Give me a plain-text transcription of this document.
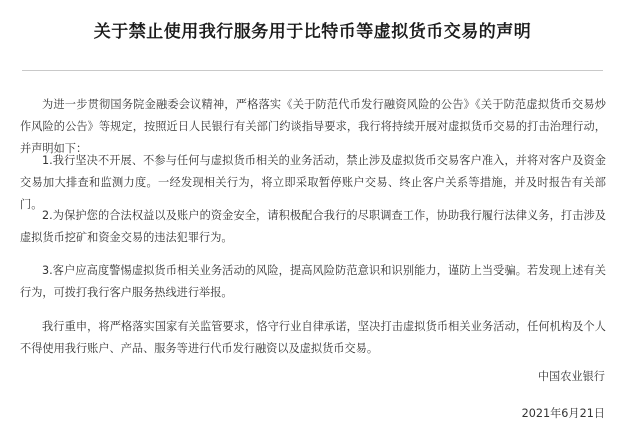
关于禁止使用我行服务用于比特币等虚拟货币交易的声明

为进一步贯彻国务院金融委会议精神，严格落实《关于防范代币发行融资风险的公告》《关于防范虚拟货币交易炒作风险的公告》等规定，按照近日人民银行有关部门约谈指导要求，我行将持续开展对虚拟货币交易的打击治理行动，并声明如下：

1.我行坚决不开展、不参与任何与虚拟货币相关的业务活动，禁止涉及虚拟货币交易客户准入，并将对客户及资金交易加大排查和监测力度。一经发现相关行为，将立即采取暂停账户交易、终止客户关系等措施，并及时报告有关部门。

2.为保护您的合法权益以及账户的资金安全，请积极配合我行的尽职调查工作，协助我行履行法律义务，打击涉及虚拟货币挖矿和资金交易的违法犯罪行为。

3.客户应高度警惕虚拟货币相关业务活动的风险，提高风险防范意识和识别能力，谨防上当受骗。若发现上述有关行为，可拨打我行客户服务热线进行举报。

我行重申，将严格落实国家有关监管要求，恪守行业自律承诺，坚决打击虚拟货币相关业务活动，任何机构及个人不得使用我行账户、产品、服务等进行代币发行融资以及虚拟货币交易。

中国农业银行
2021年6月21日
